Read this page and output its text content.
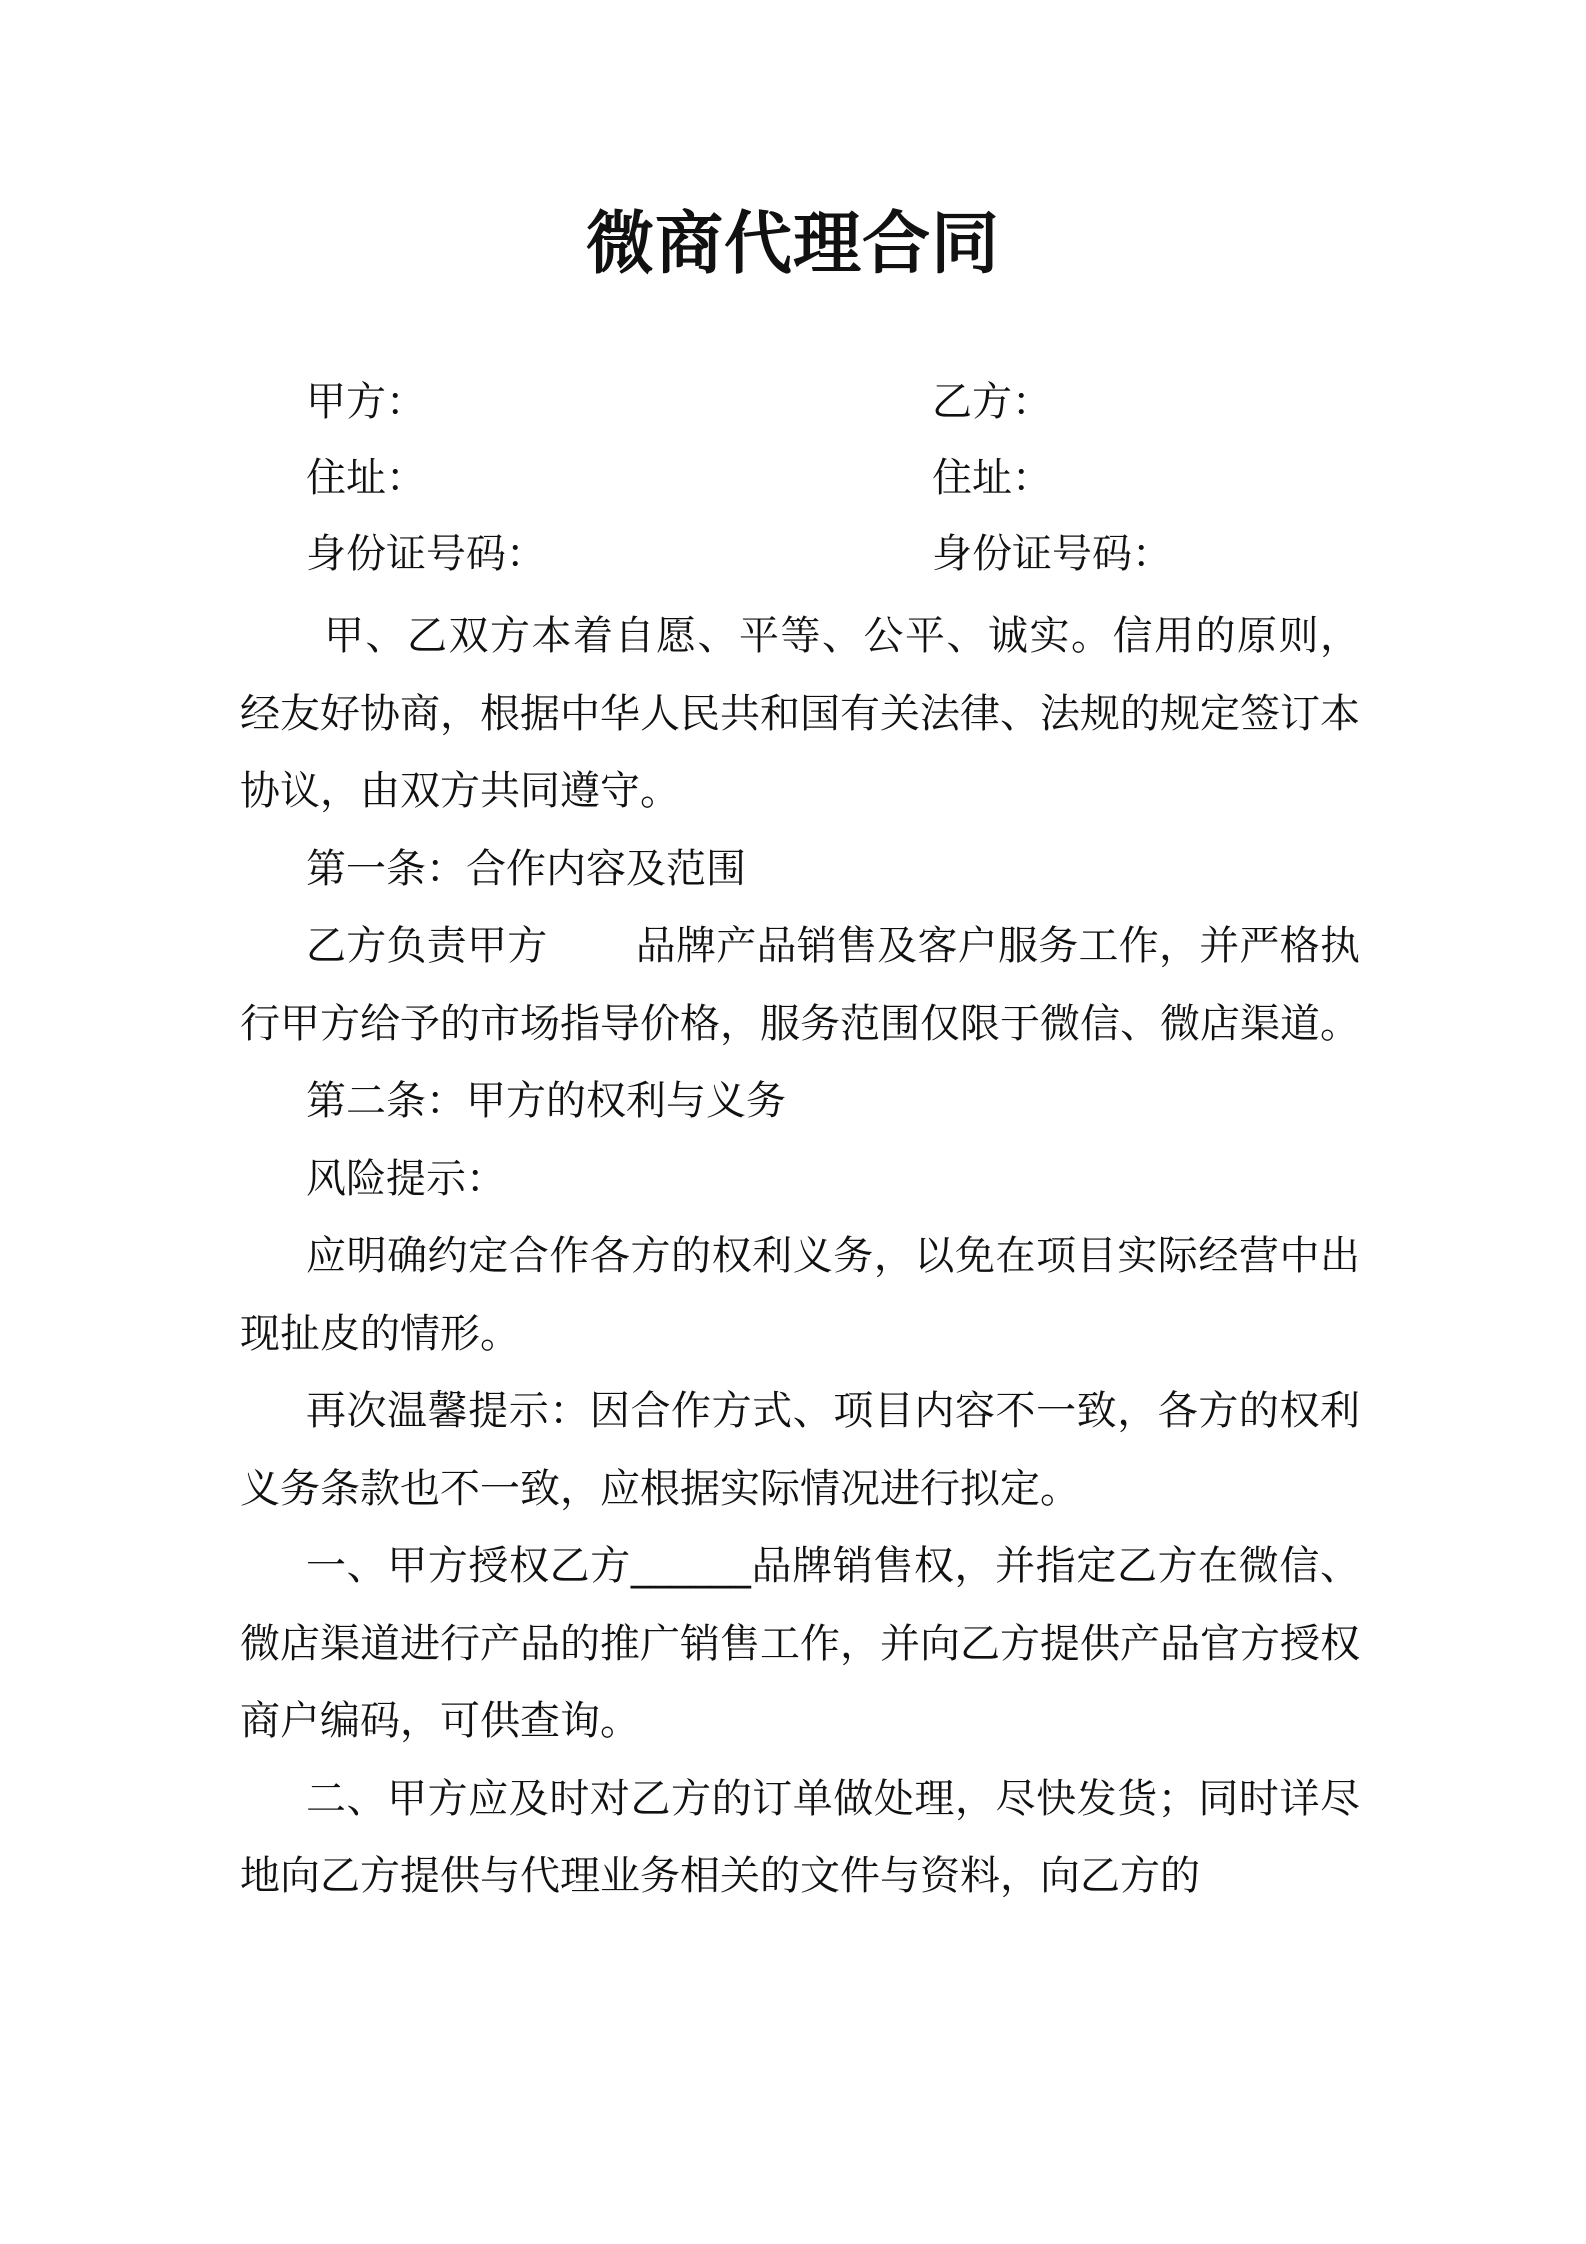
微商代理合同
甲方：	乙方：
住址：	住址：
身份证号码：	身份证号码：

甲、乙双方本着自愿、平等、公平、诚实。信用的原则，经友好协商，根据中华人民共和国有关法律、法规的规定签订本协议，由双方共同遵守。

第一条：合作内容及范围

乙方负责甲方 品牌产品销售及客户服务工作，并严格执行甲方给予的市场指导价格，服务范围仅限于微信、微店渠道。

第二条：甲方的权利与义务

风险提示：

应明确约定合作各方的权利义务，以免在项目实际经营中出现扯皮的情形。

再次温馨提示：因合作方式、项目内容不一致，各方的权利义务条款也不一致，应根据实际情况进行拟定。

一、甲方授权乙方______品牌销售权，并指定乙方在微信、微店渠道进行产品的推广销售工作，并向乙方提供产品官方授权商户编码，可供查询。

二、甲方应及时对乙方的订单做处理，尽快发货；同时详尽地向乙方提供与代理业务相关的文件与资料，向乙方的
